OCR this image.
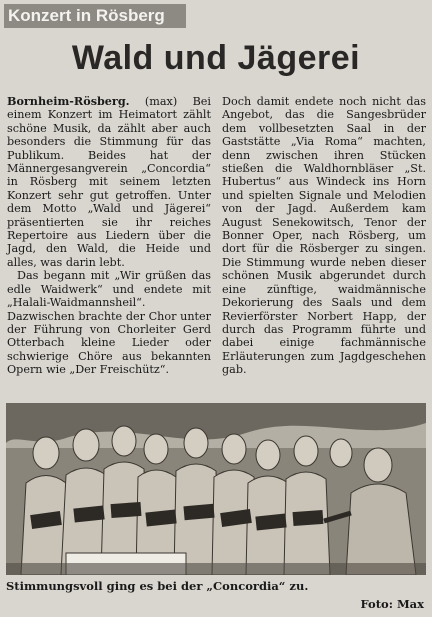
Konzert in Rösberg
Wald und Jägerei

Bornheim-Rösberg. (max) Bei einem Konzert im Heimatort zählt schöne Musik, da zählt aber auch besonders die Stimmung für das Publikum. Beides hat der Männergesangverein „Concordia“ in Rösberg mit seinem letzten Konzert sehr gut getroffen. Unter dem Motto „Wald und Jägerei“ präsentierten sie ihr reiches Repertoire aus Liedern über die Jagd, den Wald, die Heide und alles, was darin lebt.

Das begann mit „Wir grüßen das edle Waidwerk“ und endete mit „Halali-Waidmannsheil“. Dazwischen brachte der Chor unter der Führung von Chorleiter Gerd Otterbach kleine Lieder oder schwierige Chöre aus bekannten Opern wie „Der Freischütz“.

Doch damit endete noch nicht das Angebot, das die Sangesbrüder dem vollbesetzten Saal in der Gaststätte „Via Roma“ machten, denn zwischen ihren Stücken stießen die Waldhornbläser „St. Hubertus“ aus Windeck ins Horn und spielten Signale und Melodien von der Jagd. Außerdem kam August Senekowitsch, Tenor der Bonner Oper, nach Rösberg, um dort für die Rösberger zu singen. Die Stimmung wurde neben dieser schönen Musik abgerundet durch eine zünftige, waidmännische Dekorierung des Saals und dem Revierförster Norbert Happ, der durch das Programm führte und dabei einige fachmännische Erläuterungen zum Jagdgeschehen gab.

Stimmungsvoll ging es bei der „Concordia“ zu.
Foto: Max
